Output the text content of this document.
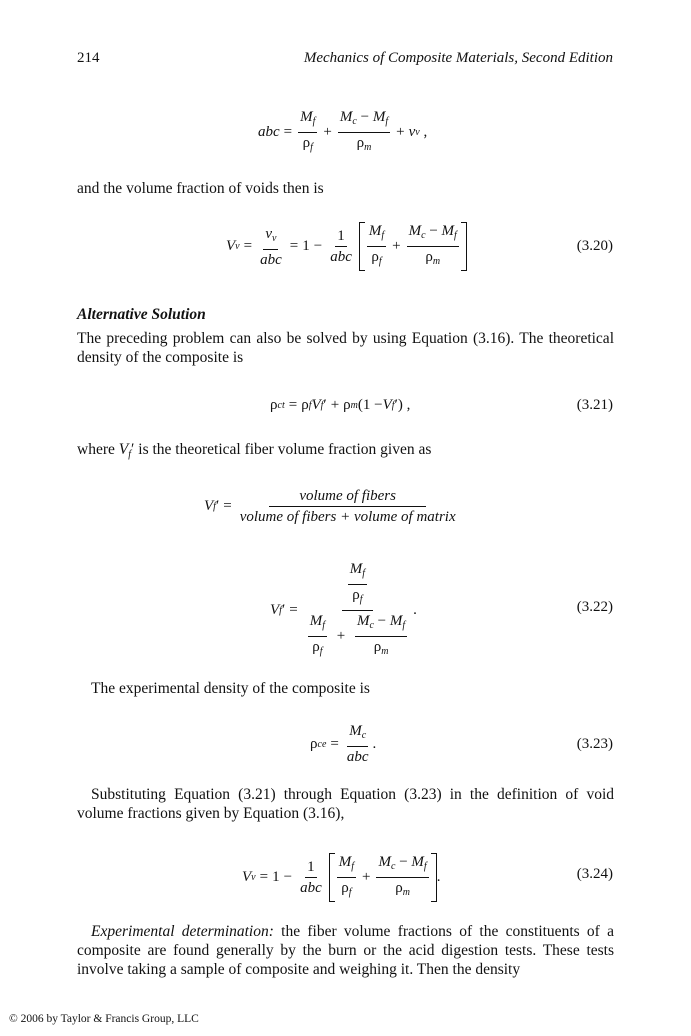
214	Mechanics of Composite Materials, Second Edition
abc = $\frac{M_f}{\rho_f} + \frac{M_c - M_f}{\rho_m} + v$ v ,
and the volume fraction of voids then is
V $v = \frac{v_v}{\text{abc}} = 1 - \frac{1}{\text{abc}} \frac{M_f}{\rho_f} + \frac{M_c - M_f}{\rho_m}$	(3.20)
Alternative Solution
The preceding problem can also be solved by using Equation (3.16). The theoretical density of the composite is
ρ ct = ρ f V f ′ + ρ m (1 − V f ′) ,	(3.21)
where $V_f'$ is the theoretical fiber volume fraction given as
V f ′ = $\frac{\text{volume of fibers}}{\text{volume of fibers + volume of matrix}}$
V f ′ = $\frac{\frac{M_f}{\rho_f}}{\frac{M_f}{\rho_f} + \frac{M_c - M_f}{\rho_m}}$ .	(3.22)
The experimental density of the composite is
ρ ce = $\frac{M_c}{\text{abc}}$ .	(3.23)
Substituting Equation (3.21) through Equation (3.23) in the definition of void volume fractions given by Equation (3.16),
V $v = 1 - \frac{1}{\text{abc}} \frac{M_f}{\rho_f} + \frac{M_c - M_f}{\rho_m}$ .	(3.24)
Experimental determination: the fiber volume fractions of the constituents of a composite are found generally by the burn or the acid digestion tests. These tests involve taking a sample of composite and weighing it. Then the density
© 2006 by Taylor & Francis Group, LLC
